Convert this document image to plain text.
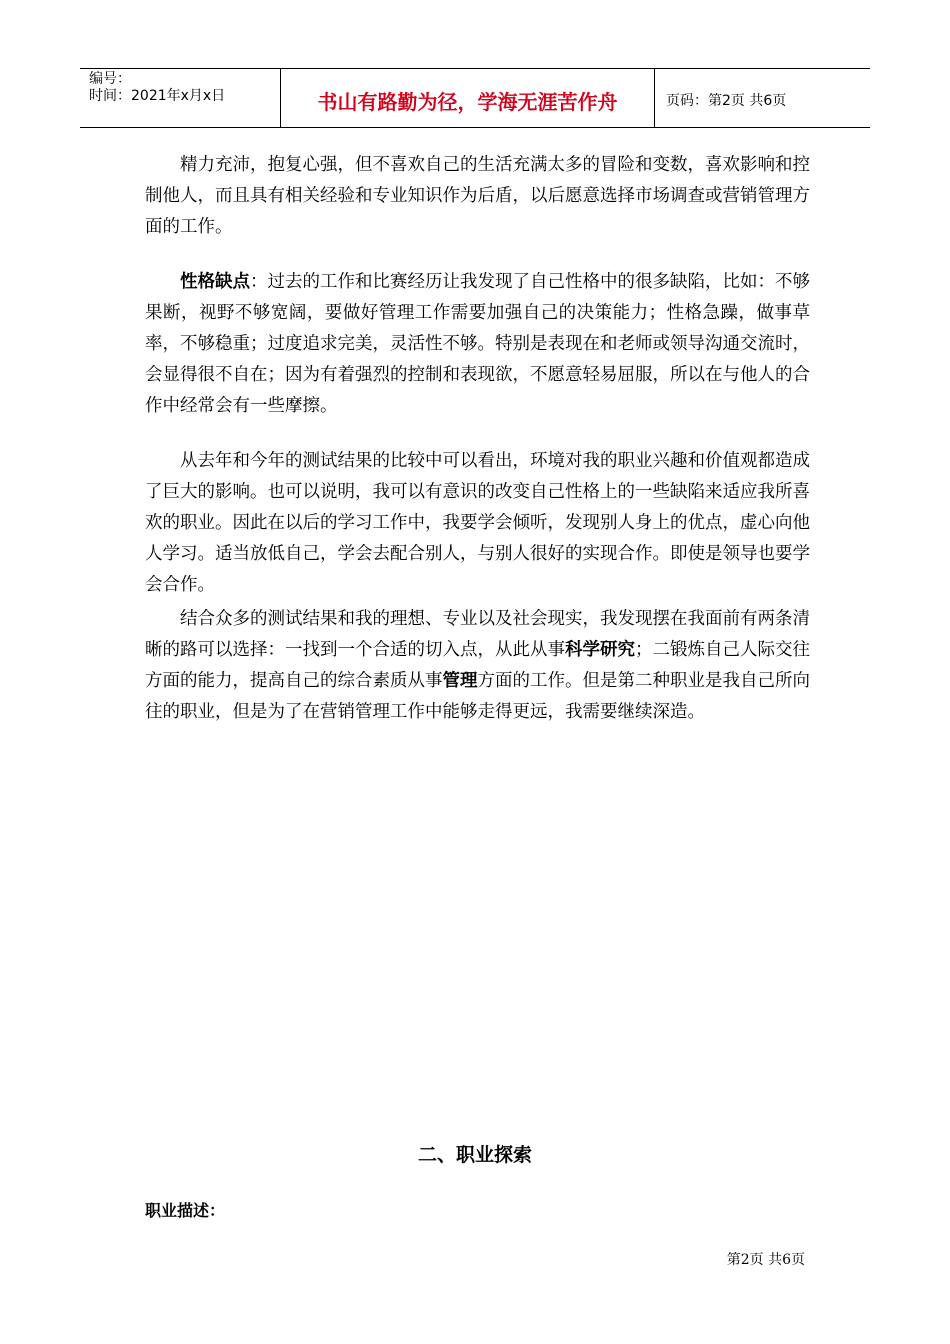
编号：
时间：2021年x月x日	书山有路勤为径，学海无涯苦作舟	页码：第2页 共6页

精力充沛，抱复心强，但不喜欢自己的生活充满太多的冒险和变数，喜欢影响和控制他人，而且具有相关经验和专业知识作为后盾，以后愿意选择市场调查或营销管理方面的工作。

性格缺点：过去的工作和比赛经历让我发现了自己性格中的很多缺陷，比如：不够果断，视野不够宽阔，要做好管理工作需要加强自己的决策能力；性格急躁，做事草率，不够稳重；过度追求完美，灵活性不够。特别是表现在和老师或领导沟通交流时，会显得很不自在；因为有着强烈的控制和表现欲，不愿意轻易屈服，所以在与他人的合作中经常会有一些摩擦。

从去年和今年的测试结果的比较中可以看出，环境对我的职业兴趣和价值观都造成了巨大的影响。也可以说明，我可以有意识的改变自己性格上的一些缺陷来适应我所喜欢的职业。因此在以后的学习工作中，我要学会倾听，发现别人身上的优点，虚心向他人学习。适当放低自己，学会去配合别人，与别人很好的实现合作。即使是领导也要学会合作。

结合众多的测试结果和我的理想、专业以及社会现实，我发现摆在我面前有两条清晰的路可以选择：一找到一个合适的切入点，从此从事科学研究；二锻炼自己人际交往方面的能力，提高自己的综合素质从事管理方面的工作。但是第二种职业是我自己所向往的职业，但是为了在营销管理工作中能够走得更远，我需要继续深造。

二、职业探索
职业描述：
第2页 共6页
